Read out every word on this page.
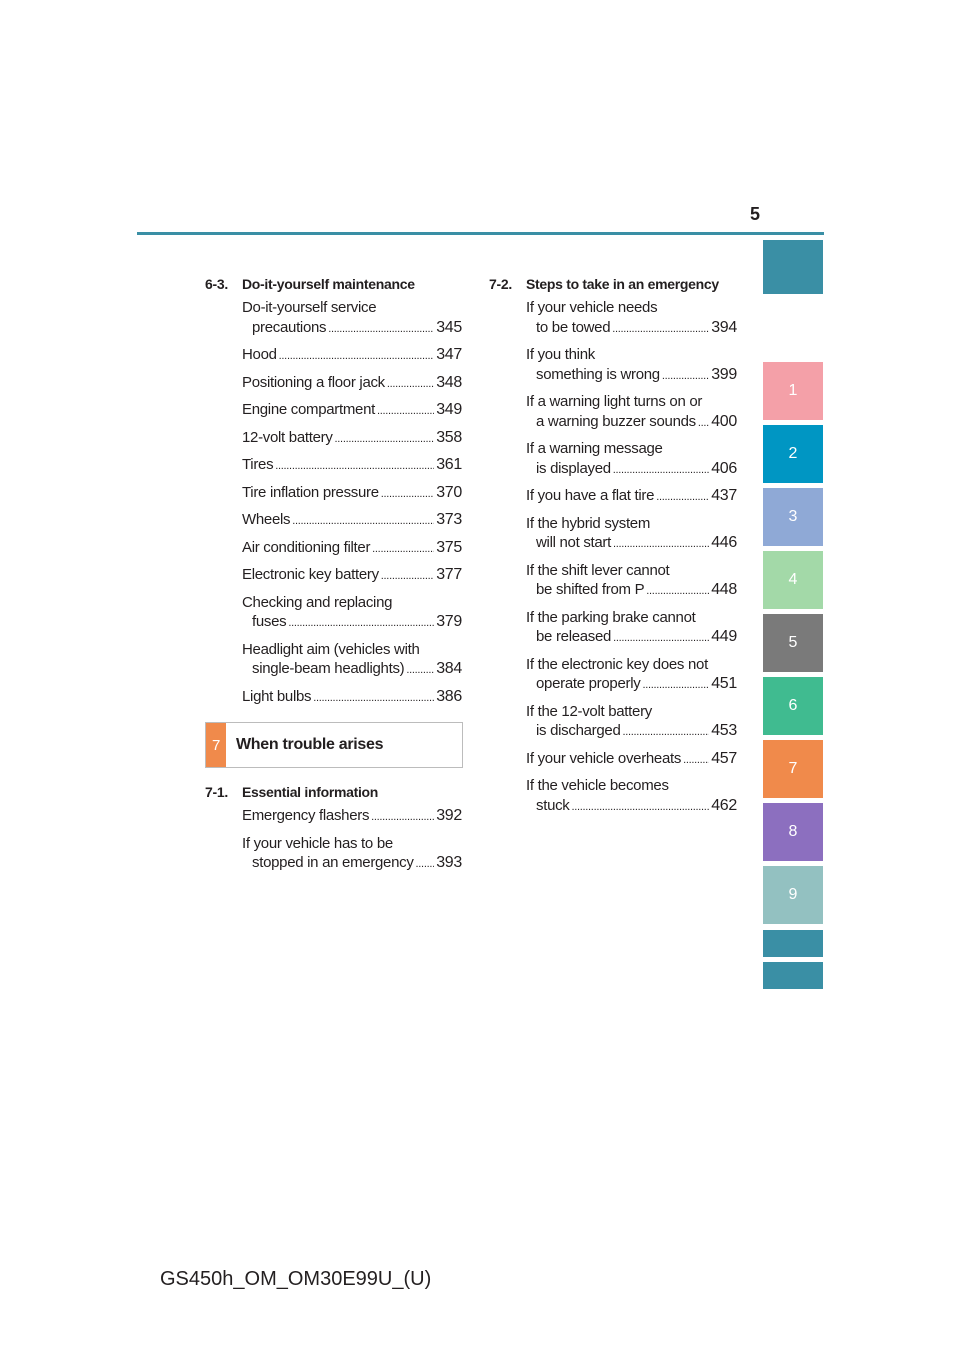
5
1
2
3
4
5
6
7
8
9
6-3.	Do-it-yourself maintenance
Do-it-yourself service
precautions .....	345
Hood .....	347
Positioning a floor jack .....	348
Engine compartment .....	349
12-volt battery .....	358
Tires .....	361
Tire inflation pressure .....	370
Wheels .....	373
Air conditioning filter .....	375
Electronic key battery .....	377
Checking and replacing
fuses .....	379
Headlight aim (vehicles with
single-beam headlights) ..... 384
Light bulbs .....	386
7 When trouble arises
7-1.	Essential information
Emergency flashers .....	392
If your vehicle has to be
stopped in an emergency ..... 393
7-2.	Steps to take in an emergency
If your vehicle needs
to be towed .....	394
If you think
something is wrong .....	399
If a warning light turns on or
a warning buzzer sounds ..... 400
If a warning message
is displayed .....	406
If you have a flat tire .....	437
If the hybrid system
will not start .....	446
If the shift lever cannot
be shifted from P .....	448
If the parking brake cannot
be released .....	449
If the electronic key does not
operate properly .....	451
If the 12-volt battery
is discharged .....	453
If your vehicle overheats ..... 457
If the vehicle becomes
stuck .....	462
GS450h_OM_OM30E99U_(U)
